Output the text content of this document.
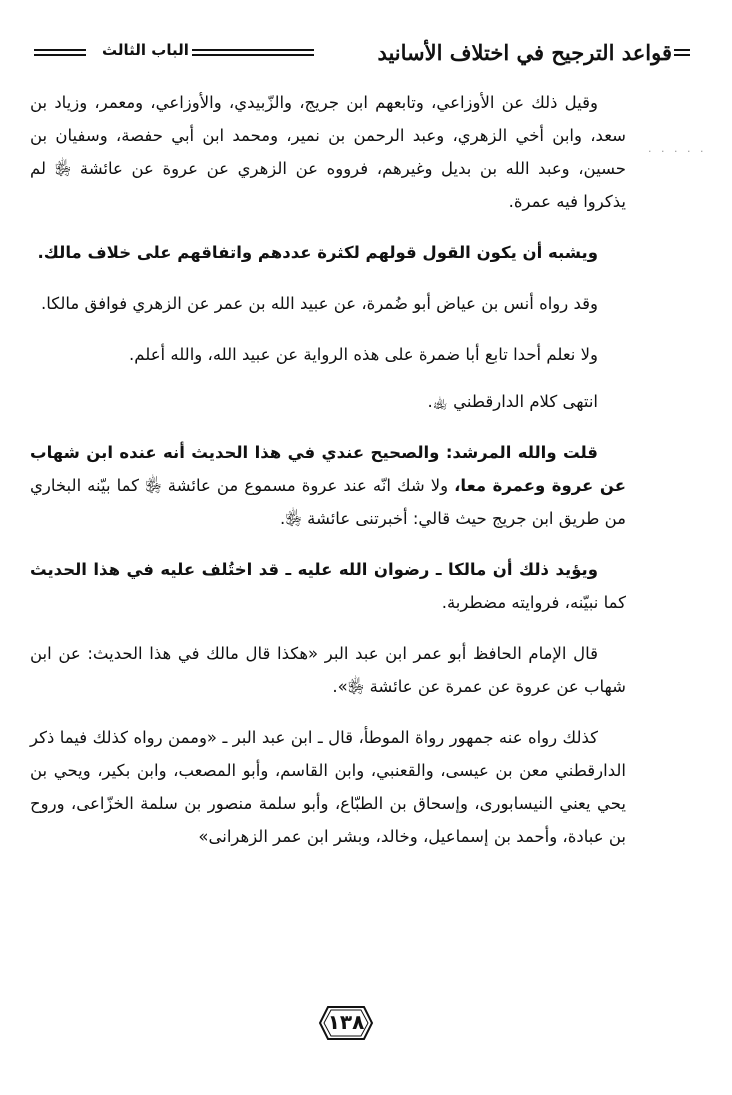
قواعد الترجيح في اختلاف الأسانيد
الباب الثالث
· · · · ·

وقيل ذلك عن الأوزاعي، وتابعهم ابن جريج، والزّبيدي، والأوزاعي، ومعمر، وزياد بن سعد، وابن أخي الزهري، وعبد الرحمن بن نمير، ومحمد ابن أبي حفصة، وسفيان بن حسين، وعبد الله بن بديل وغيرهم، فرووه عن الزهري عن عروة عن عائشة ﵂ لم يذكروا فيه عمرة.

ويشبه أن يكون القول قولهم لكثرة عددهم واتفاقهم على خلاف مالك.

وقد رواه أنس بن عياض أبو ضُمرة، عن عبيد الله بن عمر عن الزهري فوافق مالكا.

ولا نعلم أحدا تابع أبا ضمرة على هذه الرواية عن عبيد الله، والله أعلم.

انتهى كلام الدارقطني ﵀.

قلت والله المرشد: والصحيح عندي في هذا الحديث أنه عنده ابن شهاب عن عروة وعمرة معا، ولا شك انّه عند عروة مسموع من عائشة ﵂ كما بيّنه البخاري من طريق ابن جريج حيث قالي: أخبرتنى عائشة ﵂.

ويؤيد ذلك أن مالكا ـ رضوان الله عليه ـ قد اختُلف عليه في هذا الحديث كما نبيّنه، فروايته مضطربة.

قال الإمام الحافظ أبو عمر ابن عبد البر «هكذا قال مالك في هذا الحديث: عن ابن شهاب عن عروة عن عمرة عن عائشة ﵂».

كذلك رواه عنه جمهور رواة الموطأ، قال ـ ابن عبد البر ـ «وممن رواه كذلك فيما ذكر الدارقطني معن بن عيسى، والقعنبي، وابن القاسم، وأبو المصعب، وابن بكير، ويحي بن يحي يعني النيسابورى، وإسحاق بن الطبّاع، وأبو سلمة منصور بن سلمة الخزّاعى، وروح بن عبادة، وأحمد بن إسماعيل، وخالد، وبشر ابن عمر الزهرانى»

١٣٨
